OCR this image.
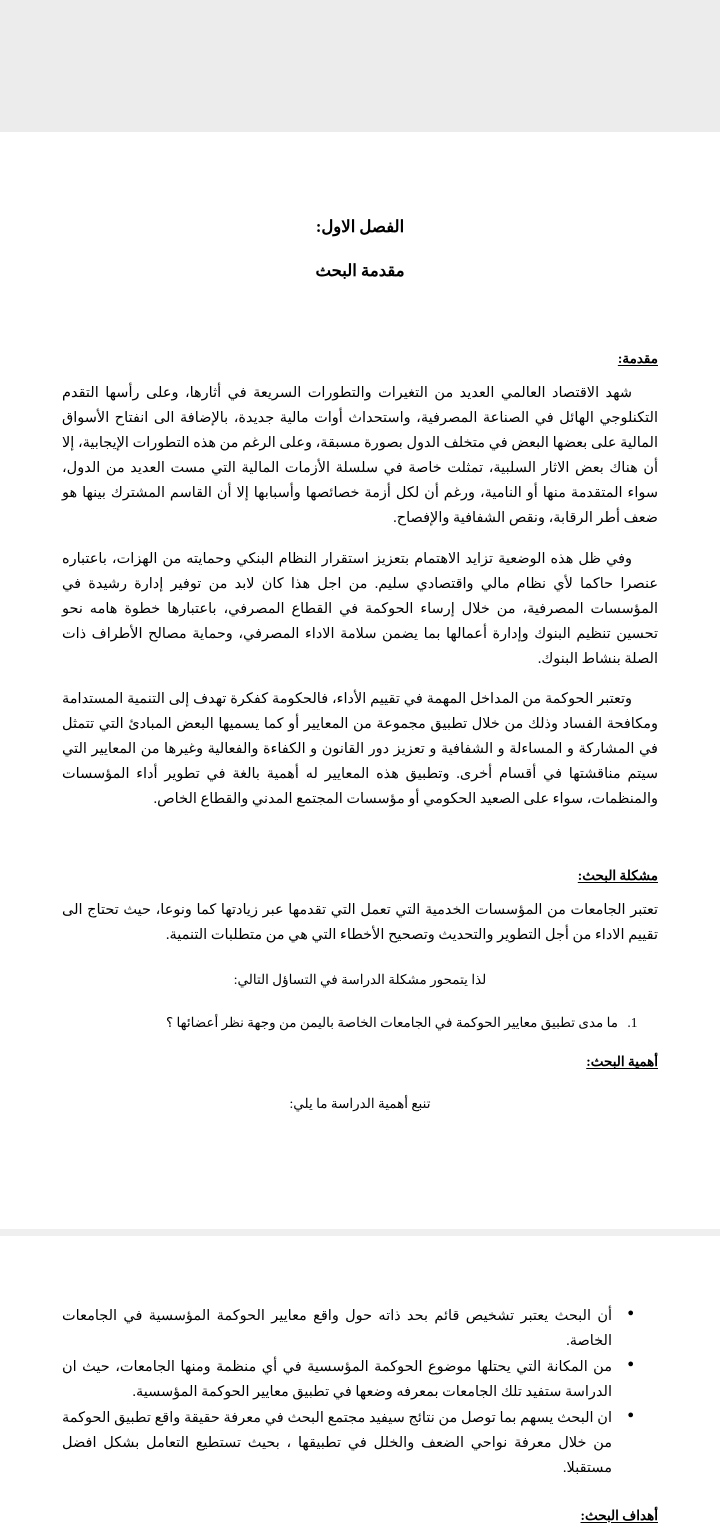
الفصل الاول:
مقدمة البحث
مقدمة:

شهد الاقتصاد العالمي العديد من التغيرات والتطورات السريعة في أثارها، وعلى رأسها التقدم التكنلوجي الهائل في الصناعة المصرفية، واستحداث أوات مالية جديدة، بالإضافة الى انفتاح الأسواق المالية على بعضها البعض في متخلف الدول بصورة مسبقة، وعلى الرغم من هذه التطورات الإيجابية، إلا أن هناك بعض الاثار السلبية، تمثلت خاصة في سلسلة الأزمات المالية التي مست العديد من الدول، سواء المتقدمة منها أو النامية، ورغم أن لكل أزمة خصائصها وأسبابها إلا أن القاسم المشترك بينها هو ضعف أطر الرقابة، ونقص الشفافية والإفصاح.

وفي ظل هذه الوضعية تزايد الاهتمام بتعزيز استقرار النظام البنكي وحمايته من الهزات، باعتباره عنصرا حاكما لأي نظام مالي واقتصادي سليم. من اجل هذا كان لابد من توفير إدارة رشيدة في المؤسسات المصرفية، من خلال إرساء الحوكمة في القطاع المصرفي، باعتبارها خطوة هامه نحو تحسين تنظيم البنوك وإدارة أعمالها بما يضمن سلامة الاداء المصرفي، وحماية مصالح الأطراف ذات الصلة بنشاط البنوك.

وتعتبر الحوكمة من المداخل المهمة في تقييم الأداء، فالحكومة كفكرة تهدف إلى التنمية المستدامة ومكافحة الفساد وذلك من خلال تطبيق مجموعة من المعايير أو كما يسميها البعض المبادئ التي تتمثل في المشاركة و المساءلة و الشفافية و تعزيز دور القانون و الكفاءة والفعالية وغيرها من المعايير التي سيتم مناقشتها في أقسام أخرى. وتطبيق هذه المعايير له أهمية بالغة في تطوير أداء المؤسسات والمنظمات، سواء على الصعيد الحكومي أو مؤسسات المجتمع المدني والقطاع الخاص.

مشكلة البحث:

تعتبر الجامعات من المؤسسات الخدمية التي تعمل التي تقدمها عبر زيادتها كما ونوعا، حيث تحتاج الى تقييم الاداء من أجل التطوير والتحديث وتصحيح الأخطاء التي هي من متطلبات التنمية.

لذا يتمحور مشكلة الدراسة في التساؤل التالي:

1. ما مدى تطبيق معايير الحوكمة في الجامعات الخاصة باليمن من وجهة نظر أعضائها ؟
أهمية البحث:

تنبع أهمية الدراسة ما يلي:

● أن البحث يعتبر تشخيص قائم بحد ذاته حول واقع معايير الحوكمة المؤسسية في الجامعات الخاصة.
● من المكانة التي يحتلها موضوع الحوكمة المؤسسية في أي منظمة ومنها الجامعات، حيث ان الدراسة ستفيد تلك الجامعات بمعرفه وضعها في تطبيق معايير الحوكمة المؤسسية.
● ان البحث يسهم بما توصل من نتائج سيفيد مجتمع البحث في معرفة حقيقة واقع تطبيق الحوكمة من خلال معرفة نواحي الضعف والخلل في تطبيقها ، بحيث تستطيع التعامل بشكل افضل مستقبلا.
أهداف البحث:
